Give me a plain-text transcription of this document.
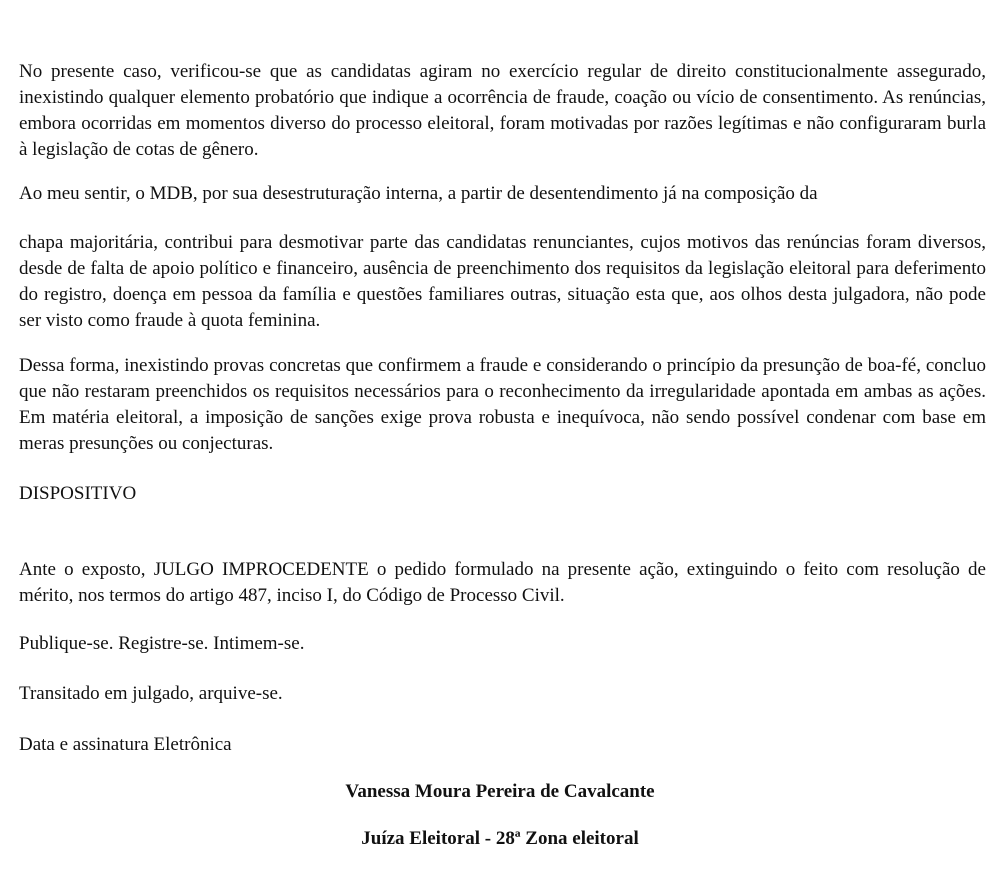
No presente caso, verificou-se que as candidatas agiram no exercício regular de direito constitucionalmente assegurado, inexistindo qualquer elemento probatório que indique a ocorrência de fraude, coação ou vício de consentimento. As renúncias, embora ocorridas em momentos diverso do processo eleitoral, foram motivadas por razões legítimas e não configuraram burla à legislação de cotas de gênero.

Ao meu sentir, o MDB, por sua desestruturação interna, a partir de desentendimento já na composição da

chapa majoritária, contribui para desmotivar parte das candidatas renunciantes, cujos motivos das renúncias foram diversos, desde de falta de apoio político e financeiro, ausência de preenchimento dos requisitos da legislação eleitoral para deferimento do registro, doença em pessoa da família e questões familiares outras, situação esta que, aos olhos desta julgadora, não pode ser visto como fraude à quota feminina.

Dessa forma, inexistindo provas concretas que confirmem a fraude e considerando o princípio da presunção de boa-fé, concluo que não restaram preenchidos os requisitos necessários para o reconhecimento da irregularidade apontada em ambas as ações. Em matéria eleitoral, a imposição de sanções exige prova robusta e inequívoca, não sendo possível condenar com base em meras presunções ou conjecturas.

DISPOSITIVO

Ante o exposto, JULGO IMPROCEDENTE o pedido formulado na presente ação, extinguindo o feito com resolução de mérito, nos termos do artigo 487, inciso I, do Código de Processo Civil.

Publique-se. Registre-se. Intimem-se.

Transitado em julgado, arquive-se.

Data e assinatura Eletrônica

Vanessa Moura Pereira de Cavalcante

Juíza Eleitoral - 28ª Zona eleitoral
